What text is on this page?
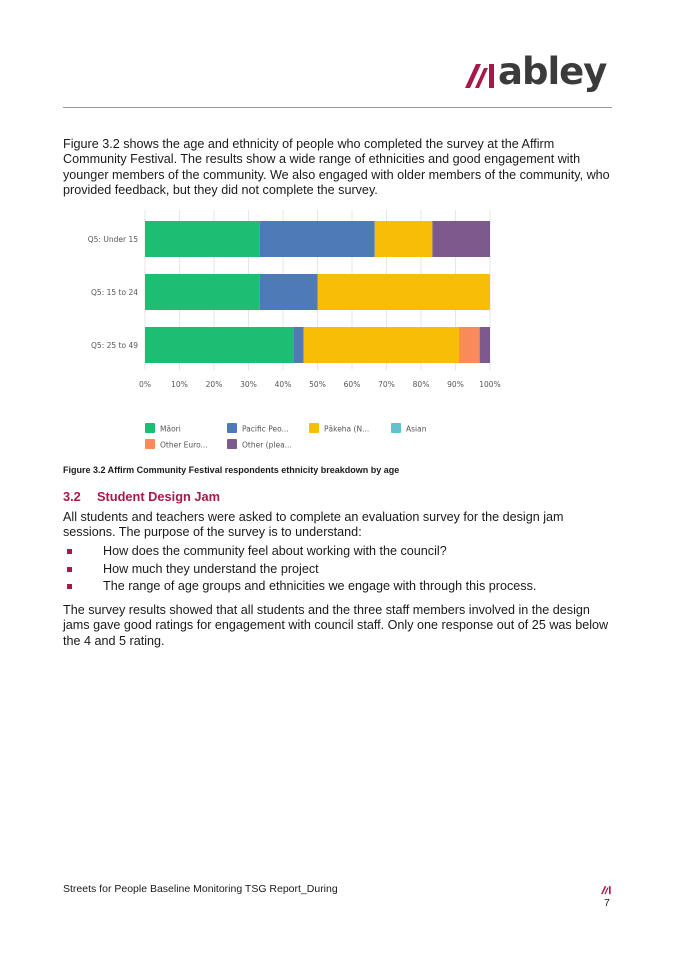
abley

Figure 3.2 shows the age and ethnicity of people who completed the survey at the Affirm Community Festival. The results show a wide range of ethnicities and good engagement with younger members of the community. We also engaged with older members of the community, who provided feedback, but they did not complete the survey.

0%	10% 20% 30% 40% 50% 60% 70% 80% 90% 100%
Q5: Under 15
Q5: 15 to 24
Q5: 25 to 49
Māori	Pacific Peo...	Pākeha (N...	Asian
Other Euro...	Other (plea...

Figure 3.2 Affirm Community Festival respondents ethnicity breakdown by age

3.2 Student Design Jam

All students and teachers were asked to complete an evaluation survey for the design jam sessions. The purpose of the survey is to understand:

How does the community feel about working with the council?
How much they understand the project
The range of age groups and ethnicities we engage with through this process.

The survey results showed that all students and the three staff members involved in the design jams gave good ratings for engagement with council staff. Only one response out of 25 was below the 4 and 5 rating.

Streets for People Baseline Monitoring TSG Report_During
7
